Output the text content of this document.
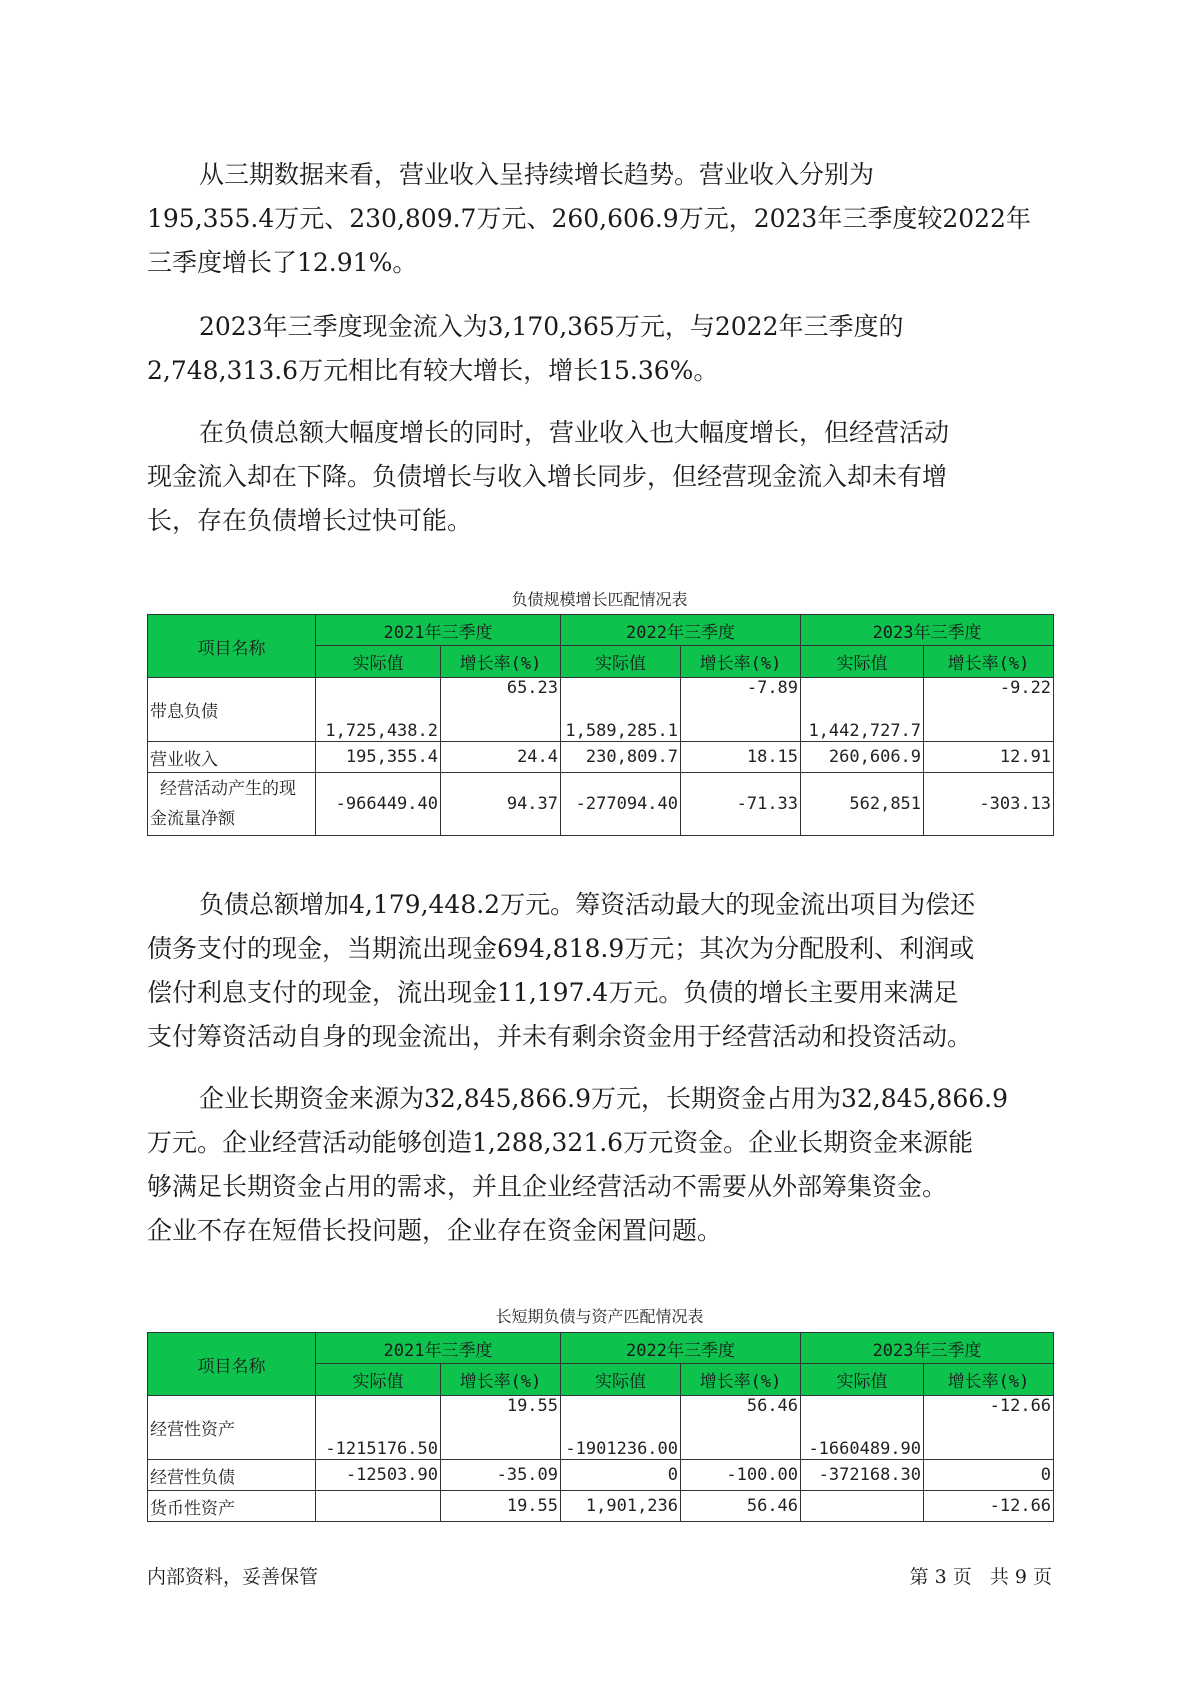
从三期数据来看，营业收入呈持续增长趋势。营业收入分别为
195,355.4万元、230,809.7万元、260,606.9万元，2023年三季度较2022年
三季度增长了12.91%。
2023年三季度现金流入为3,170,365万元，与2022年三季度的
2,748,313.6万元相比有较大增长，增长15.36%。
在负债总额大幅度增长的同时，营业收入也大幅度增长，但经营活动
现金流入却在下降。负债增长与收入增长同步，但经营现金流入却未有增
长，存在负债增长过快可能。
负债规模增长匹配情况表
项目名称	2021年三季度		2022年三季度		2023年三季度	
	实际值	增长率(%)	实际值	增长率(%)	实际值	增长率(%)
带息负债	1,725,438.2	65.23	1,589,285.1	-7.89	1,442,727.7	-9.22
营业收入	195,355.4	24.4	230,809.7	18.15	260,606.9	12.91

经营活动产生的现
金流量净额	-966449.40	94.37	-277094.40	-71.33	562,851	-303.13
负债总额增加4,179,448.2万元。筹资活动最大的现金流出项目为偿还
债务支付的现金，当期流出现金694,818.9万元；其次为分配股利、利润或
偿付利息支付的现金，流出现金11,197.4万元。负债的增长主要用来满足
支付筹资活动自身的现金流出，并未有剩余资金用于经营活动和投资活动。
企业长期资金来源为32,845,866.9万元，长期资金占用为32,845,866.9
万元。企业经营活动能够创造1,288,321.6万元资金。企业长期资金来源能
够满足长期资金占用的需求，并且企业经营活动不需要从外部筹集资金。
企业不存在短借长投问题，企业存在资金闲置问题。
长短期负债与资产匹配情况表
项目名称	2021年三季度		2022年三季度		2023年三季度	
	实际值	增长率(%)	实际值	增长率(%)	实际值	增长率(%)
经营性资产	-1215176.50	19.55	-1901236.00	56.46	-1660489.90	-12.66
经营性负债	-12503.90	-35.09	0	-100.00	-372168.30	0
货币性资产		19.55	1,901,236	56.46		-12.66
内部资料，妥善保管	第 3 页   共 9 页
